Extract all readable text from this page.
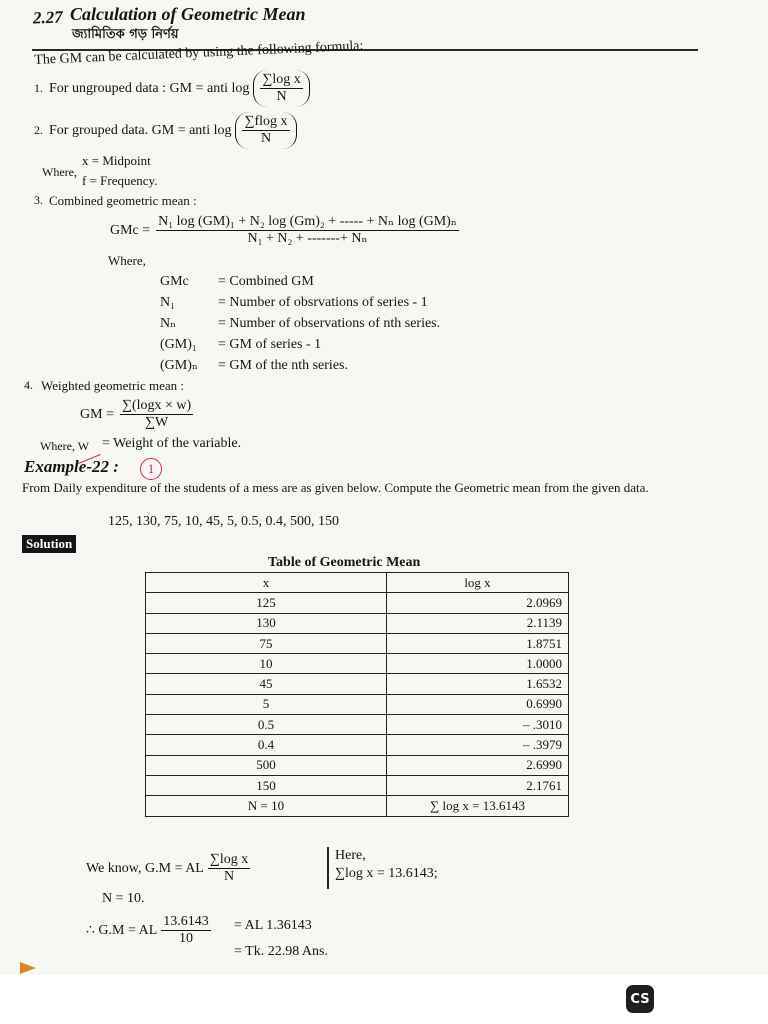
2.27 Calculation of Geometric Mean
জ্যামিতিক গড় নির্ণয়
The GM can be calculated by using the following formula:
1. For ungrouped data : GM = anti $\log \frac{\text{∑log x}}{N}$
2. For grouped data. GM = anti $\log \frac{\text{∑flog x}}{N}$
Where,
x = Midpoint
f = Frequency.
3. Combined geometric mean :
GMc = $\frac{\text{N₁ log (GM)₁ + N₂ log (Gm)₂ + ----- + Nₙ log (GM)ₙ}}{\text{N₁ + N₂ + -------+ Nₙ}}$
Where,
GMc	= Combined GM
N₁	= Number of obsrvations of series - 1
Nₙ	= Number of observations of nth series.
(GM)₁	= GM of series - 1
(GM)ₙ	= GM of the nth series.
4. Weighted geometric mean :
GM = $\frac{\sum(\log x \times w)}{\sum W}$
Where, W = Weight of the variable.
Example-22 :	1
From Daily expenditure of the students of a mess are as given below. Compute the Geometric mean from the given data.
125, 130, 75, 10, 45, 5, 0.5, 0.4, 500, 150
Solution
Table of Geometric Mean
x	log x
125	2.0969
130	2.1139
75	1.8751
10	1.0000
45	1.6532
5	0.6990
0.5	– .3010
0.4	– .3979
500	2.6990
150	2.1761
N = 10	∑ log x = 13.6143
We know, G.M = AL $\frac{\text{∑log x}}{N}$	Here,
∑log x = 13.6143;
N = 10.
∴ G.M = AL $\frac{13.6143}{10}$ = AL 1.36143
= Tk. 22.98 Ans.
CS
